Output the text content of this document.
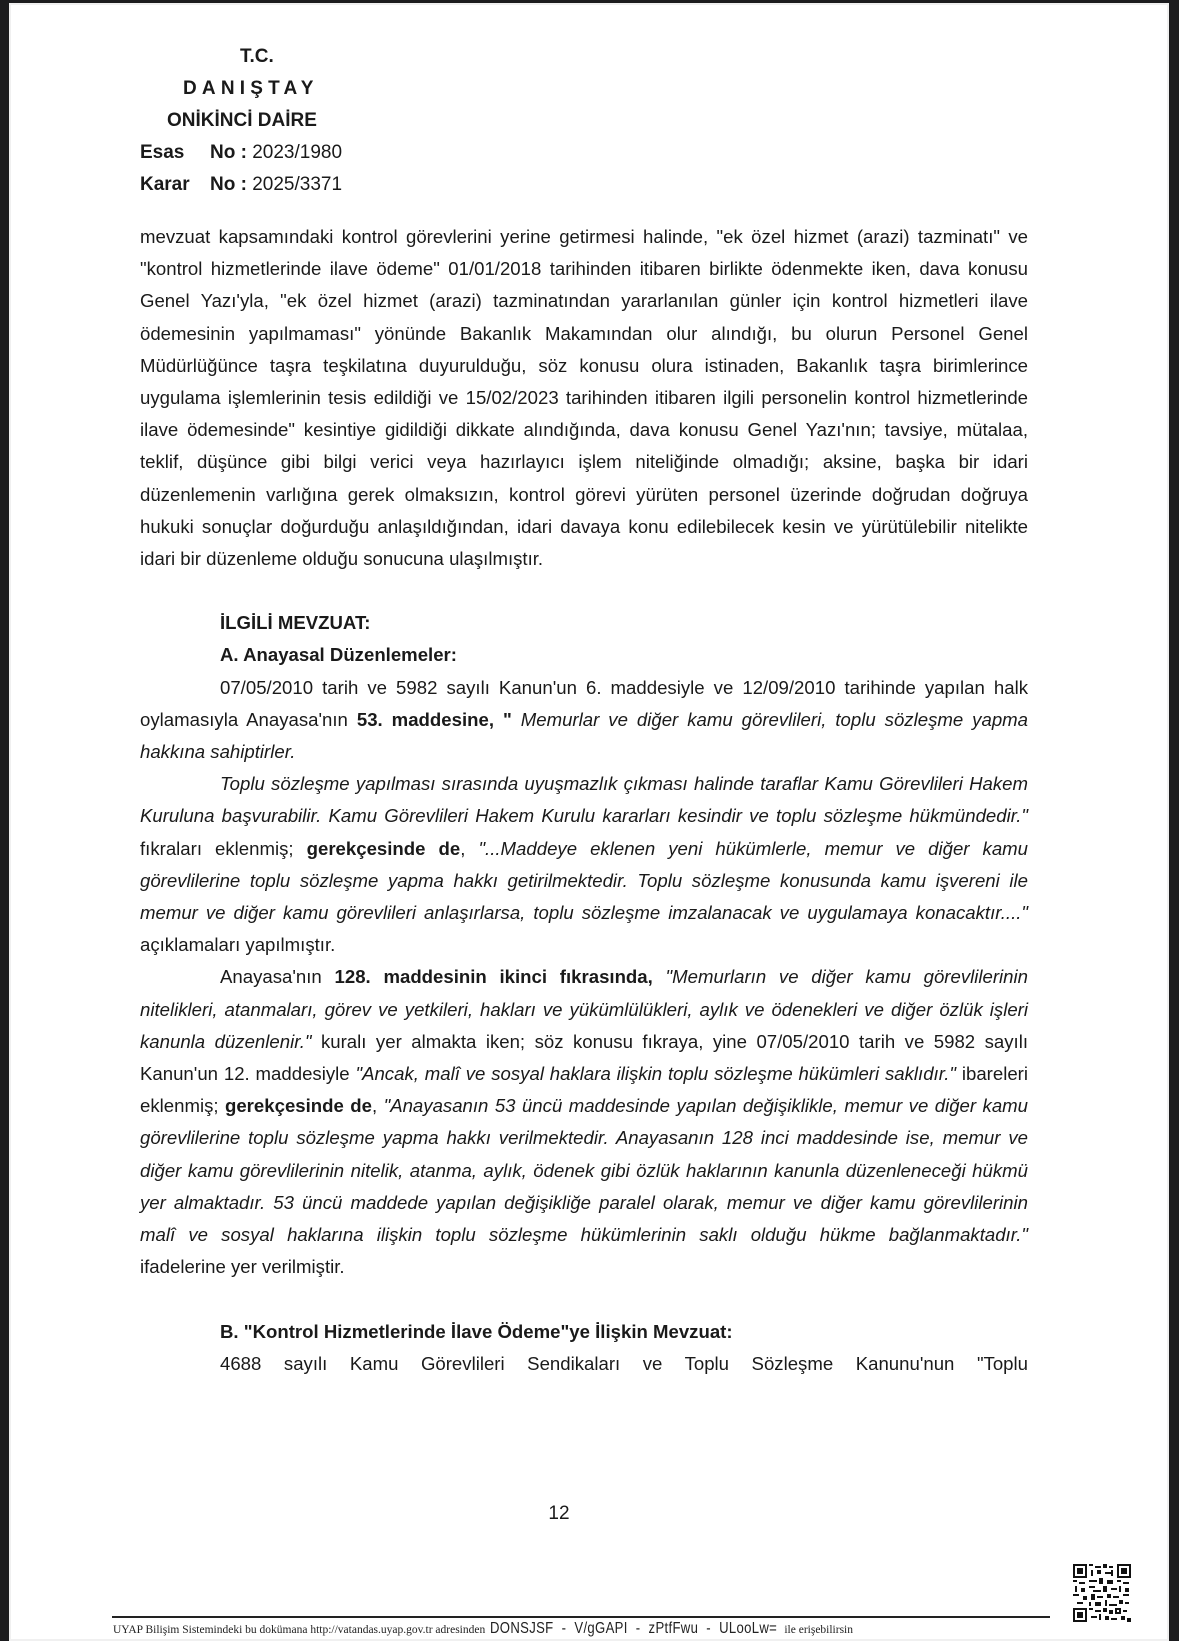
T.C.
DANIŞTAY
ONİKİNCİ DAİRE
Esas No : 2023/1980
Karar No : 2025/3371

mevzuat kapsamındaki kontrol görevlerini yerine getirmesi halinde, "ek özel hizmet (arazi) tazminatı" ve "kontrol hizmetlerinde ilave ödeme" 01/01/2018 tarihinden itibaren birlikte ödenmekte iken, dava konusu Genel Yazı'yla, "ek özel hizmet (arazi) tazminatından yararlanılan günler için kontrol hizmetleri ilave ödemesinin yapılmaması" yönünde Bakanlık Makamından olur alındığı, bu olurun Personel Genel Müdürlüğünce taşra teşkilatına duyurulduğu, söz konusu olura istinaden, Bakanlık taşra birimlerince uygulama işlemlerinin tesis edildiği ve 15/02/2023 tarihinden itibaren ilgili personelin kontrol hizmetlerinde ilave ödemesinde" kesintiye gidildiği dikkate alındığında, dava konusu Genel Yazı'nın; tavsiye, mütalaa, teklif, düşünce gibi bilgi verici veya hazırlayıcı işlem niteliğinde olmadığı; aksine, başka bir idari düzenlemenin varlığına gerek olmaksızın, kontrol görevi yürüten personel üzerinde doğrudan doğruya hukuki sonuçlar doğurduğu anlaşıldığından, idari davaya konu edilebilecek kesin ve yürütülebilir nitelikte idari bir düzenleme olduğu sonucuna ulaşılmıştır.

İLGİLİ MEVZUAT:

A. Anayasal Düzenlemeler:

07/05/2010 tarih ve 5982 sayılı Kanun'un 6. maddesiyle ve 12/09/2010 tarihinde yapılan halk oylamasıyla Anayasa'nın 53. maddesine, " Memurlar ve diğer kamu görevlileri, toplu sözleşme yapma hakkına sahiptirler.

Toplu sözleşme yapılması sırasında uyuşmazlık çıkması halinde taraflar Kamu Görevlileri Hakem Kuruluna başvurabilir. Kamu Görevlileri Hakem Kurulu kararları kesindir ve toplu sözleşme hükmündedir." fıkraları eklenmiş; gerekçesinde de, "...Maddeye eklenen yeni hükümlerle, memur ve diğer kamu görevlilerine toplu sözleşme yapma hakkı getirilmektedir. Toplu sözleşme konusunda kamu işvereni ile memur ve diğer kamu görevlileri anlaşırlarsa, toplu sözleşme imzalanacak ve uygulamaya konacaktır...." açıklamaları yapılmıştır.

Anayasa'nın 128. maddesinin ikinci fıkrasında, "Memurların ve diğer kamu görevlilerinin nitelikleri, atanmaları, görev ve yetkileri, hakları ve yükümlülükleri, aylık ve ödenekleri ve diğer özlük işleri kanunla düzenlenir." kuralı yer almakta iken; söz konusu fıkraya, yine 07/05/2010 tarih ve 5982 sayılı Kanun'un 12. maddesiyle "Ancak, malî ve sosyal haklara ilişkin toplu sözleşme hükümleri saklıdır." ibareleri eklenmiş; gerekçesinde de, "Anayasanın 53 üncü maddesinde yapılan değişiklikle, memur ve diğer kamu görevlilerine toplu sözleşme yapma hakkı verilmektedir. Anayasanın 128 inci maddesinde ise, memur ve diğer kamu görevlilerinin nitelik, atanma, aylık, ödenek gibi özlük haklarının kanunla düzenleneceği hükmü yer almaktadır. 53 üncü maddede yapılan değişikliğe paralel olarak, memur ve diğer kamu görevlilerinin malî ve sosyal haklarına ilişkin toplu sözleşme hükümlerinin saklı olduğu hükme bağlanmaktadır." ifadelerine yer verilmiştir.

B. "Kontrol Hizmetlerinde İlave Ödeme"ye İlişkin Mevzuat:

4688 sayılı Kamu Görevlileri Sendikaları ve Toplu Sözleşme Kanunu'nun "Toplu

12
UYAP Bilişim Sistemindeki bu dokümana http://vatandas.uyap.gov.tr adresinden DONSJSF - V/gGAPI - zPtfFwu - ULooLw= ile erişebilirsin
